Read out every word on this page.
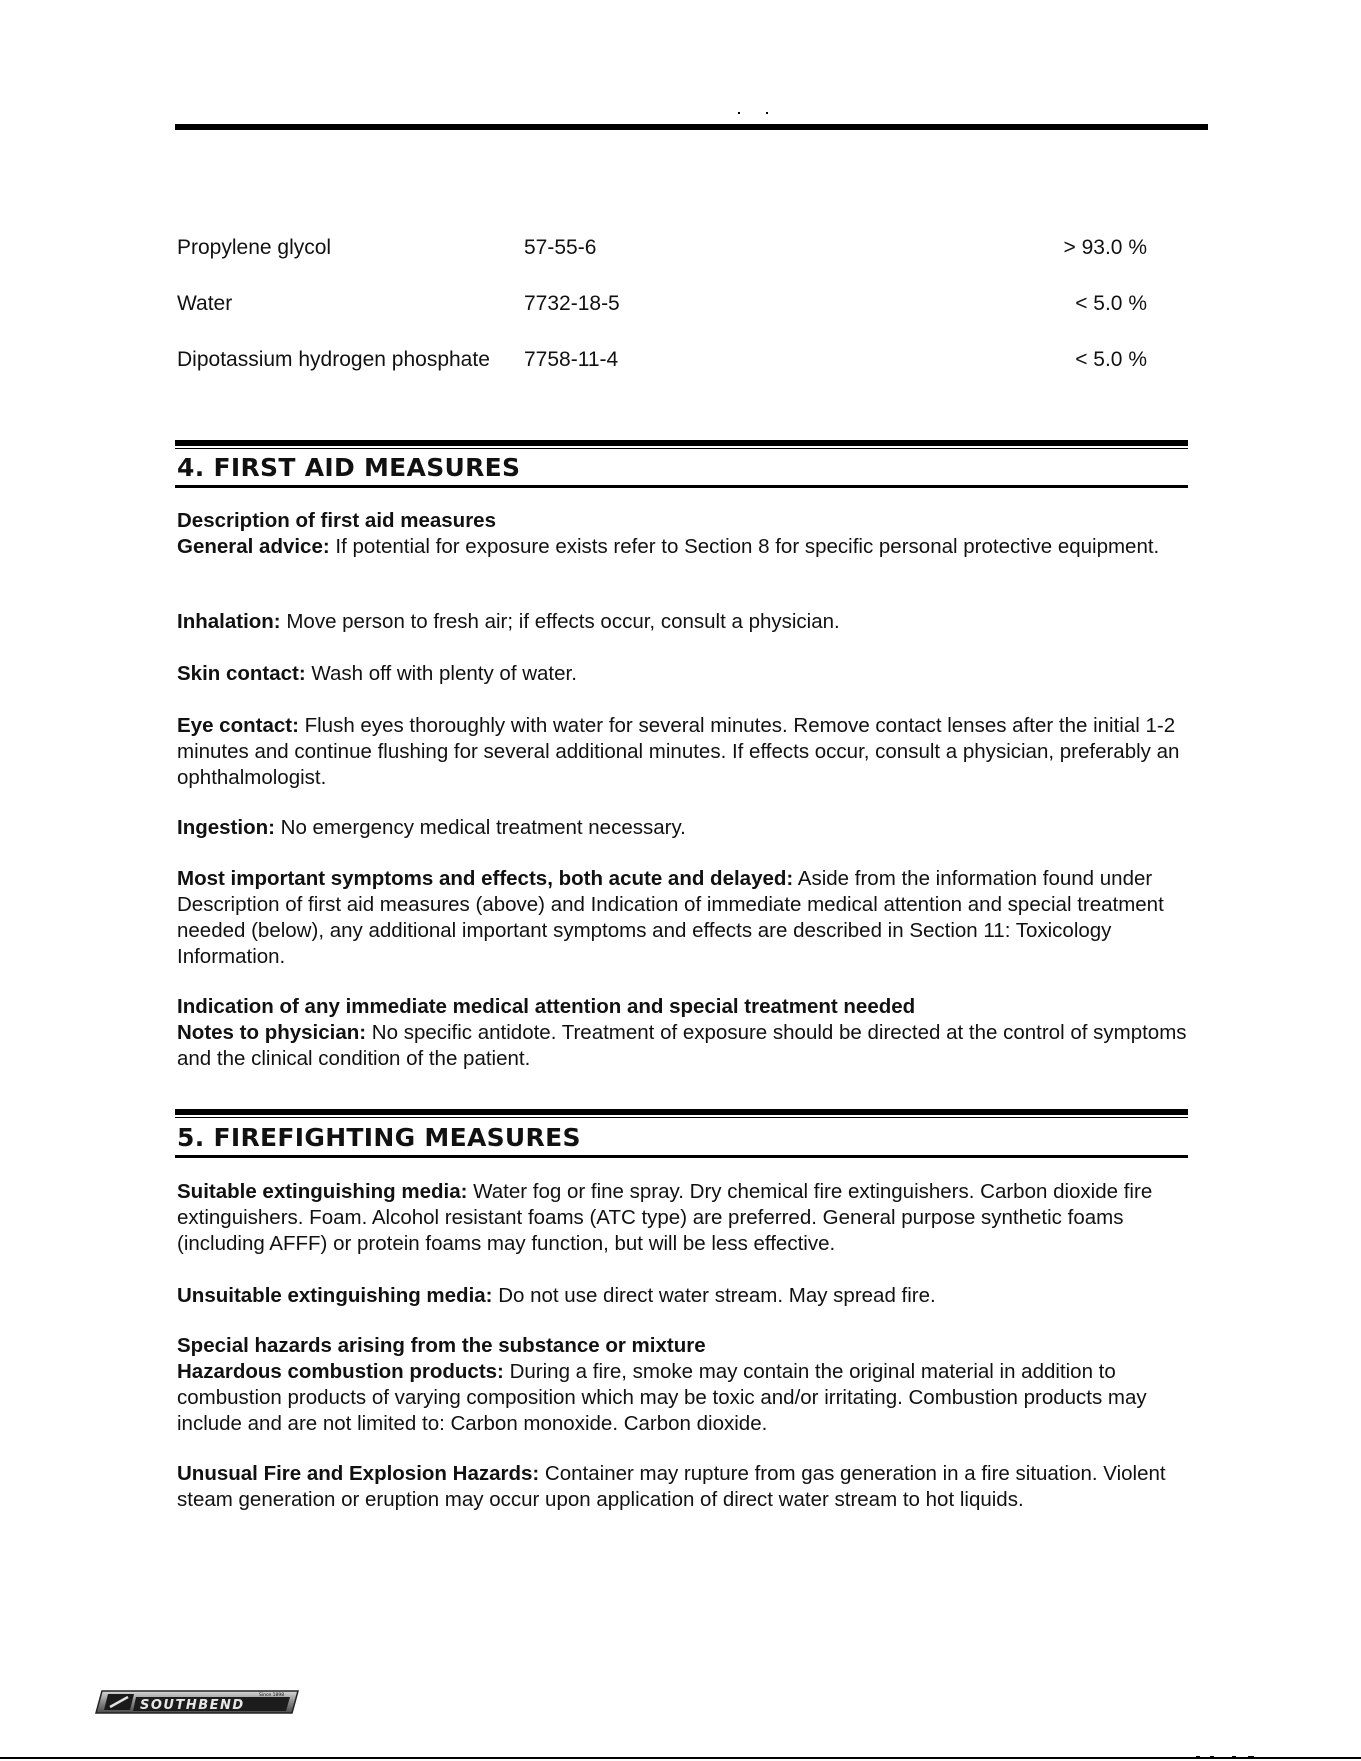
Propylene glycol	57-55-6	> 93.0 %
Water	7732-18-5	< 5.0 %
Dipotassium hydrogen phosphate 7758-11-4	< 5.0 %
4. FIRST AID MEASURES
Description of first aid measures
General advice: If potential for exposure exists refer to Section 8 for specific personal protective equipment.
Inhalation: Move person to fresh air; if effects occur, consult a physician.
Skin contact: Wash off with plenty of water.
Eye contact: Flush eyes thoroughly with water for several minutes. Remove contact lenses after the initial 1-2 minutes and continue flushing for several additional minutes. If effects occur, consult a physician, preferably an ophthalmologist.
Ingestion: No emergency medical treatment necessary.
Most important symptoms and effects, both acute and delayed: Aside from the information found under Description of first aid measures (above) and Indication of immediate medical attention and special treatment needed (below), any additional important symptoms and effects are described in Section 11: Toxicology Information.
Indication of any immediate medical attention and special treatment needed
Notes to physician: No specific antidote. Treatment of exposure should be directed at the control of symptoms and the clinical condition of the patient.
5. FIREFIGHTING MEASURES
Suitable extinguishing media: Water fog or fine spray. Dry chemical fire extinguishers. Carbon dioxide fire extinguishers. Foam. Alcohol resistant foams (ATC type) are preferred. General purpose synthetic foams (including AFFF) or protein foams may function, but will be less effective.
Unsuitable extinguishing media: Do not use direct water stream. May spread fire.
Special hazards arising from the substance or mixture
Hazardous combustion products: During a fire, smoke may contain the original material in addition to combustion products of varying composition which may be toxic and/or irritating. Combustion products may include and are not limited to: Carbon monoxide. Carbon dioxide.
Unusual Fire and Explosion Hazards: Container may rupture from gas generation in a fire situation. Violent steam generation or eruption may occur upon application of direct water stream to hot liquids.
SOUTHBEND
Since 1898
